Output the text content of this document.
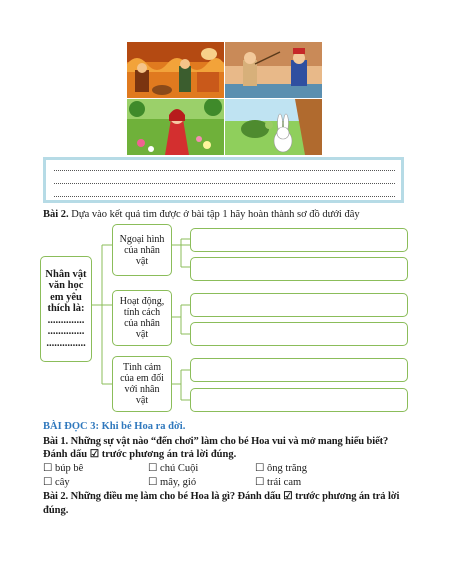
Bài 2. Dựa vào kết quả tìm được ở bài tập 1 hãy hoàn thành sơ đồ dưới đây
Nhân vật
văn học
em yêu
thích là:
..............
..............
...............
Ngoại hình
của nhân
vật
Hoạt động,
tính cách
của nhân
vật
Tình cảm
của em đối
với nhân
vật
BÀI ĐỌC 3: Khi bé Hoa ra đời.
Bài 1. Những sự vật nào “đến chơi” làm cho bé Hoa vui và mở mang hiểu biết?
Đánh dấu ☑ trước phương án trả lời đúng.
☐ búp bê	☐ chú Cuội	☐ ông trăng
☐ cây	☐ mây, gió	☐ trái cam
Bài 2. Những điều mẹ làm cho bé Hoa là gì? Đánh dấu ☑ trước phương án trả lời
đúng.
